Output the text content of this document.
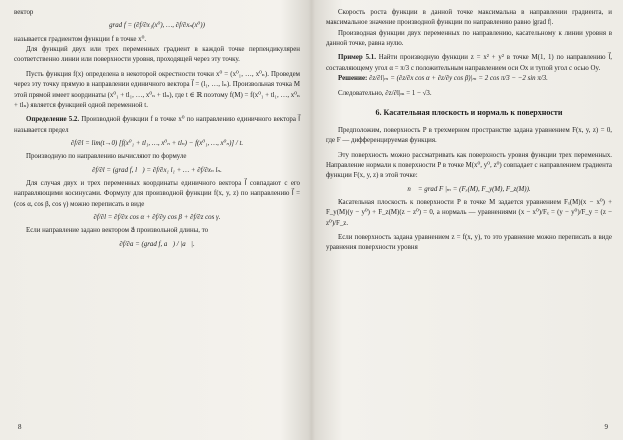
вектор

grad f = (∂f/∂x₁(x⁰), …, ∂f/∂xₙ(x⁰))

называется градиентом функции f в точке x⁰.

Для функций двух или трех переменных градиент в каждой точке перпендикулярен соответственно линии или поверхности уровня, проходящей через эту точку.

Пусть функция f(x) определена в некоторой окрестности точки x⁰ = (x⁰₁, …, x⁰ₙ). Проведем через эту точку прямую в направлении единичного вектора l⃗ = (l₁, …, lₙ). Произвольная точка M этой прямой имеет координаты (x⁰₁ + tl₁, …, x⁰ₙ + tlₙ), где t ∈ ℝ поэтому f(M) = f(x⁰₁ + tl₁, …, x⁰ₙ + tlₙ) является функцией одной переменной t.

Определение 5.2. Производной функции f в точке x⁰ по направлению единичного вектора l⃗ называется предел

∂f/∂l = lim(t→0) [f(x⁰₁ + tl₁, …, x⁰ₙ + tlₙ) − f(x⁰₁, …, x⁰ₙ)] / t.

Производную по направлению вычисляют по формуле

∂f/∂l = (grad f, l⃗) = ∂f/∂x₁ l₁ + … + ∂f/∂xₙ lₙ.

Для случая двух и трех переменных координаты единичного вектора l⃗ совпадают с его направляющими косинусами. Формулу для производной функции f(x, y, z) по направлению l⃗ = (cos α, cos β, cos γ) можно переписать в виде

∂f/∂l = ∂f/∂x cos α + ∂f/∂y cos β + ∂f/∂z cos γ.

Если направление задано вектором a⃗ произвольной длины, то

∂f/∂a = (grad f, a⃗) / |a⃗|.
8

Скорость роста функции в данной точке максимальна в направлении градиента, и максимальное значение производной функции по направлению равно |grad f|.

Производная функции двух переменных по направлению, касательному к линии уровня в данной точке, равна нулю.

Пример 5.1. Найти производную функции z = x² + y² в точке M(1, 1) по направлению l⃗, составляющему угол α = π/3 с положительным направлением оси Ox и тупой угол с осью Oy.

Решение: ∂z/∂l|ₘ = (∂z/∂x cos α + ∂z/∂y cos β)|ₘ = 2 cos π/3 − −2 sin π/3.

Следовательно, ∂z/∂l|ₘ = 1 − √3.

6. Касательная плоскость и нормаль к поверхности

Предположим, поверхность P в трехмерном пространстве задана уравнением F(x, y, z) = 0, где F — дифференцируемая функция.

Эту поверхность можно рассматривать как поверхность уровня функции трех переменных. Направление нормали к поверхности P в точке M(x⁰, y⁰, z⁰) совпадает с направлением градиента функции F(x, y, z) в этой точке:

n⃗ = grad F |ₘ = (Fₓ(M), F_y(M), F_z(M)).

Касательная плоскость к поверхности P в точке M задается уравнением Fₓ(M)(x − x⁰) + F_y(M)(y − y⁰) + F_z(M)(z − z⁰) = 0, а нормаль — уравнениями (x − x⁰)/Fₓ = (y − y⁰)/F_y = (z − z⁰)/F_z.

Если поверхность задана уравнением z = f(x, y), то это уравнение можно переписать в виде уравнения поверхности уровня

9
